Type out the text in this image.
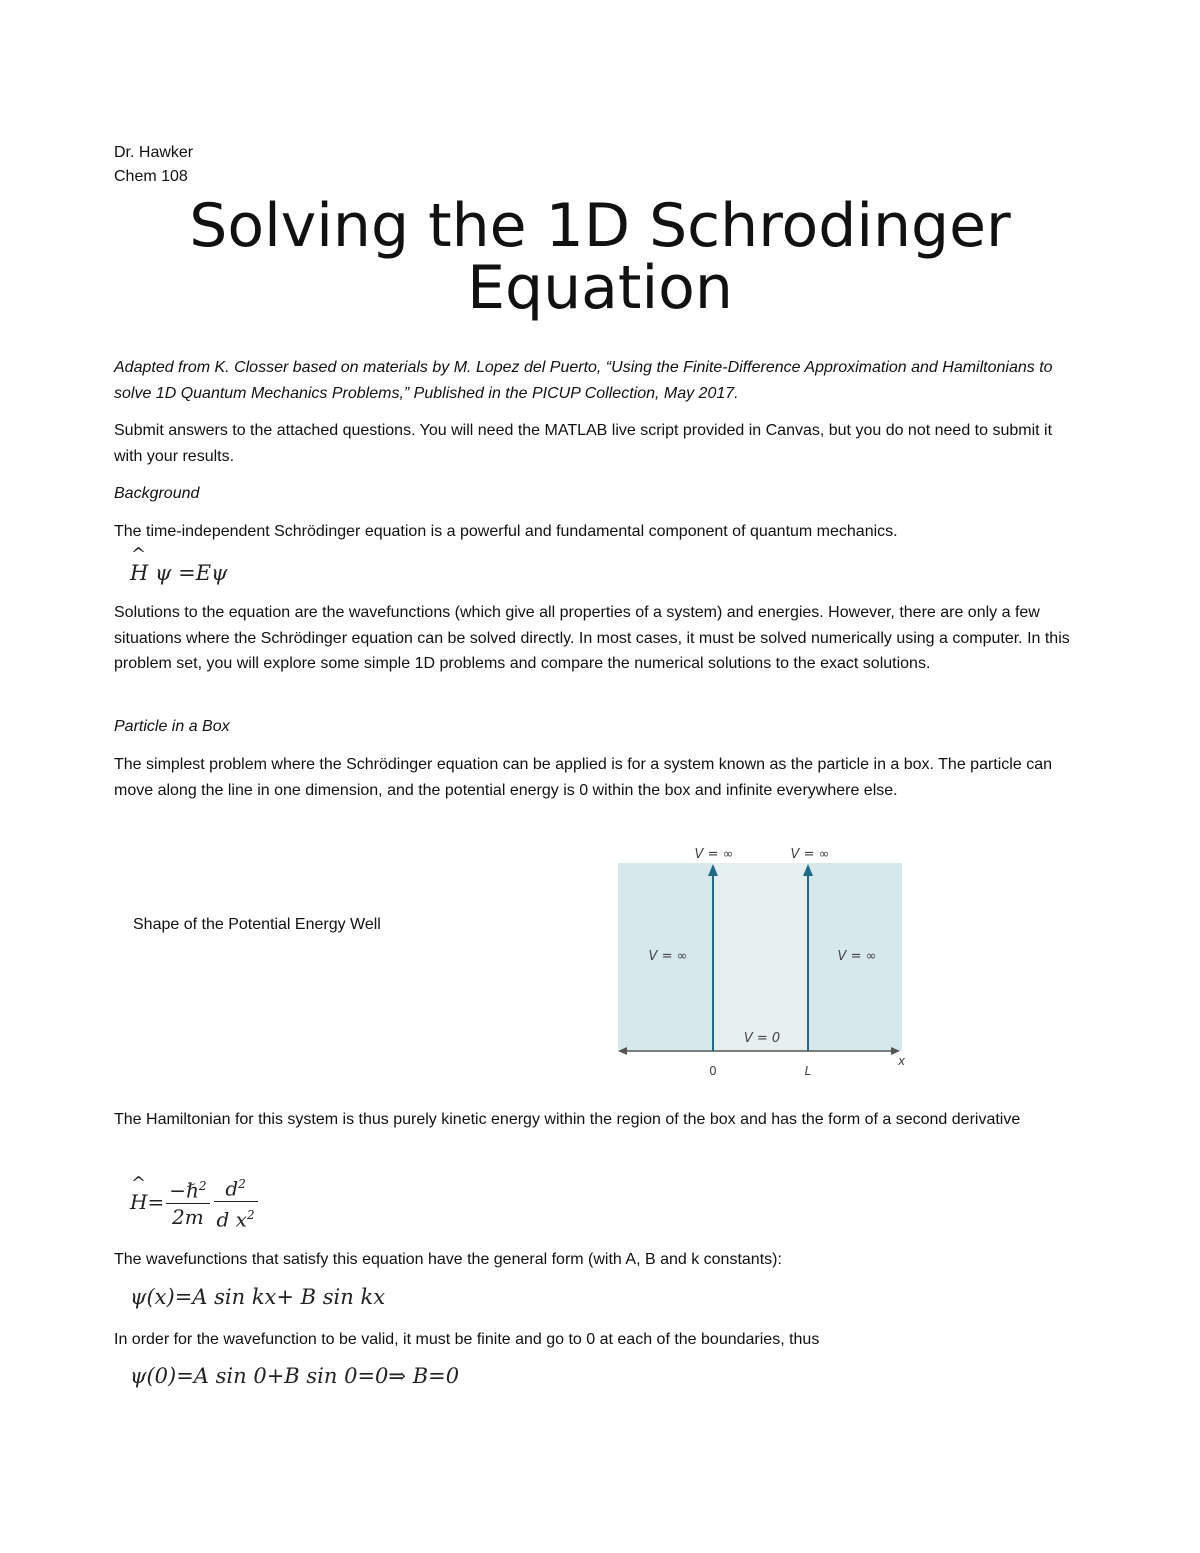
Dr. Hawker
Chem 108
Solving the 1D Schrodinger
Equation

Adapted from K. Closser based on materials by M. Lopez del Puerto, “Using the Finite-Difference Approximation and Hamiltonians to solve 1D Quantum Mechanics Problems,” Published in the PICUP Collection, May 2017.

Submit answers to the attached questions. You will need the MATLAB live script provided in Canvas, but you do not need to submit it with your results.

Background

The time-independent Schrödinger equation is a powerful and fundamental component of quantum mechanics.

^
H ψ =Eψ

Solutions to the equation are the wavefunctions (which give all properties of a system) and energies. However, there are only a few situations where the Schrödinger equation can be solved directly. In most cases, it must be solved numerically using a computer. In this problem set, you will explore some simple 1D problems and compare the numerical solutions to the exact solutions.

Particle in a Box

The simplest problem where the Schrödinger equation can be applied is for a system known as the particle in a box. The particle can move along the line in one dimension, and the potential energy is 0 within the box and infinite everywhere else.

Shape of the Potential Energy Well
V = ∞	V = ∞
V = ∞	V = ∞
V = 0
x
0	L

The Hamiltonian for this system is thus purely kinetic energy within the region of the box and has the form of a second derivative

^
$H= \frac{-\hbar^2}{2m} \frac{d^2}{d x^2}$

The wavefunctions that satisfy this equation have the general form (with A, B and k constants):

ψ(x)=A sin kx+ B sin kx

In order for the wavefunction to be valid, it must be finite and go to 0 at each of the boundaries, thus

ψ(0)=A sin 0+B sin 0=0⇒ B=0
